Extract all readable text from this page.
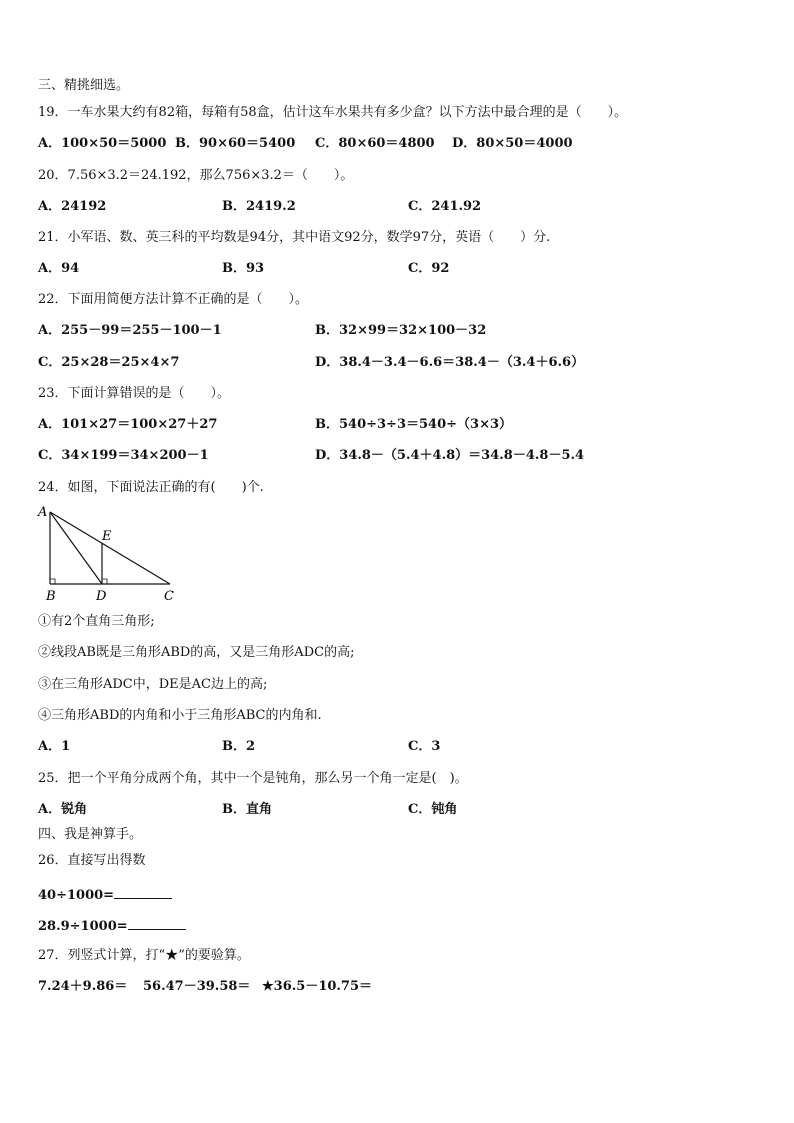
三、精挑细选。
19．一车水果大约有82箱，每箱有58盒，估计这车水果共有多少盒？以下方法中最合理的是（　　）。
A．100×50＝5000 B．90×60＝5400 C．80×60＝4800 D．80×50＝4000
20．7.56×3.2＝24.192，那么756×3.2＝（　　）。
A．24192	B．2419.2	C．241.92
21．小军语、数、英三科的平均数是94分，其中语文92分，数学97分，英语（　　）分.
A．94	B．93	C．92
22．下面用简便方法计算不正确的是（　　）。
A．255－99＝255－100－1	B．32×99＝32×100－32
C．25×28＝25×4×7	D．38.4－3.4－6.6＝38.4－（3.4＋6.6）
23．下面计算错误的是（　　）。
A．101×27＝100×27＋27	B．540÷3÷3＝540÷（3×3）
C．34×199＝34×200－1	D．34.8－（5.4＋4.8）＝34.8－4.8－5.4
24．如图，下面说法正确的有(　　)个.
A
B	C
D
E
①有2个直角三角形;
②线段AB既是三角形ABD的高，又是三角形ADC的高;
③在三角形ADC中，DE是AC边上的高;
④三角形ABD的内角和小于三角形ABC的内角和.
A．1	B．2	C．3
25．把一个平角分成两个角，其中一个是钝角，那么另一个角一定是(　)。
A．锐角	B．直角	C．钝角
四、我是神算手。
26．直接写出得数
40÷1000=
28.9÷1000=
27．列竖式计算，打“★”的要验算。
7.24＋9.86＝ 56.47－39.58＝ ★36.5－10.75＝
